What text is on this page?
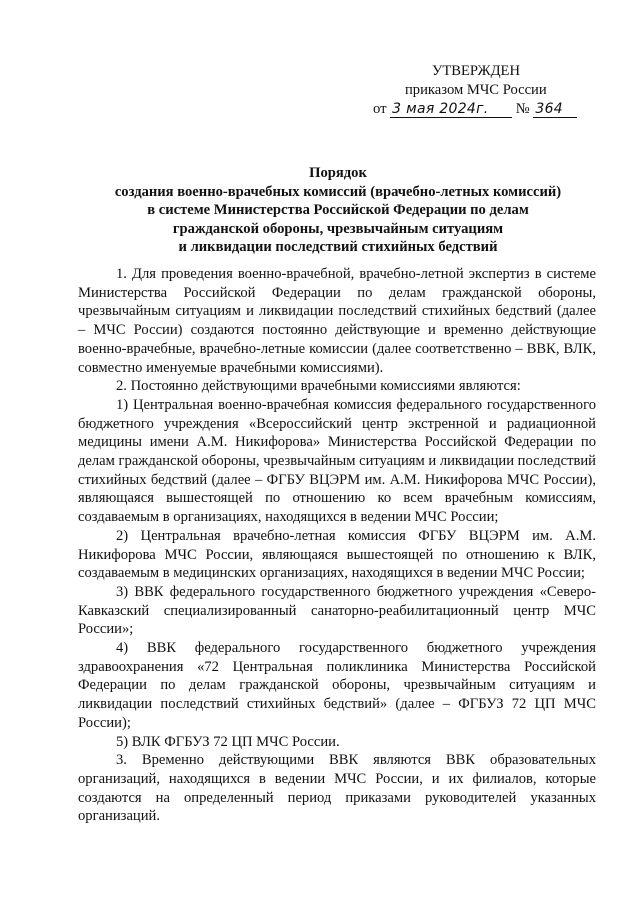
УТВЕРЖДЕН
приказом МЧС России
от 3 мая 2024г. № 364
Порядок
создания военно-врачебных комиссий (врачебно-летных комиссий)
в системе Министерства Российской Федерации по делам
гражданской обороны, чрезвычайным ситуациям
и ликвидации последствий стихийных бедствий

1. Для проведения военно-врачебной, врачебно-летной экспертиз в системе Министерства Российской Федерации по делам гражданской обороны, чрезвычайным ситуациям и ликвидации последствий стихийных бедствий (далее – МЧС России) создаются постоянно действующие и временно действующие военно-врачебные, врачебно-летные комиссии (далее соответственно – ВВК, ВЛК, совместно именуемые врачебными комиссиями).

2. Постоянно действующими врачебными комиссиями являются:

1) Центральная военно-врачебная комиссия федерального государственного бюджетного учреждения «Всероссийский центр экстренной и радиационной медицины имени А.М. Никифорова» Министерства Российской Федерации по делам гражданской обороны, чрезвычайным ситуациям и ликвидации последствий стихийных бедствий (далее – ФГБУ ВЦЭРМ им. А.М. Никифорова МЧС России), являющаяся вышестоящей по отношению ко всем врачебным комиссиям, создаваемым в организациях, находящихся в ведении МЧС России;

2) Центральная врачебно-летная комиссия ФГБУ ВЦЭРМ им. А.М. Никифорова МЧС России, являющаяся вышестоящей по отношению к ВЛК, создаваемым в медицинских организациях, находящихся в ведении МЧС России;

3) ВВК федерального государственного бюджетного учреждения «Северо-Кавказский специализированный санаторно-реабилитационный центр МЧС России»;

4) ВВК федерального государственного бюджетного учреждения здравоохранения «72 Центральная поликлиника Министерства Российской Федерации по делам гражданской обороны, чрезвычайным ситуациям и ликвидации последствий стихийных бедствий» (далее – ФГБУЗ 72 ЦП МЧС России);

5) ВЛК ФГБУЗ 72 ЦП МЧС России.

3. Временно действующими ВВК являются ВВК образовательных организаций, находящихся в ведении МЧС России, и их филиалов, которые создаются на определенный период приказами руководителей указанных организаций.
